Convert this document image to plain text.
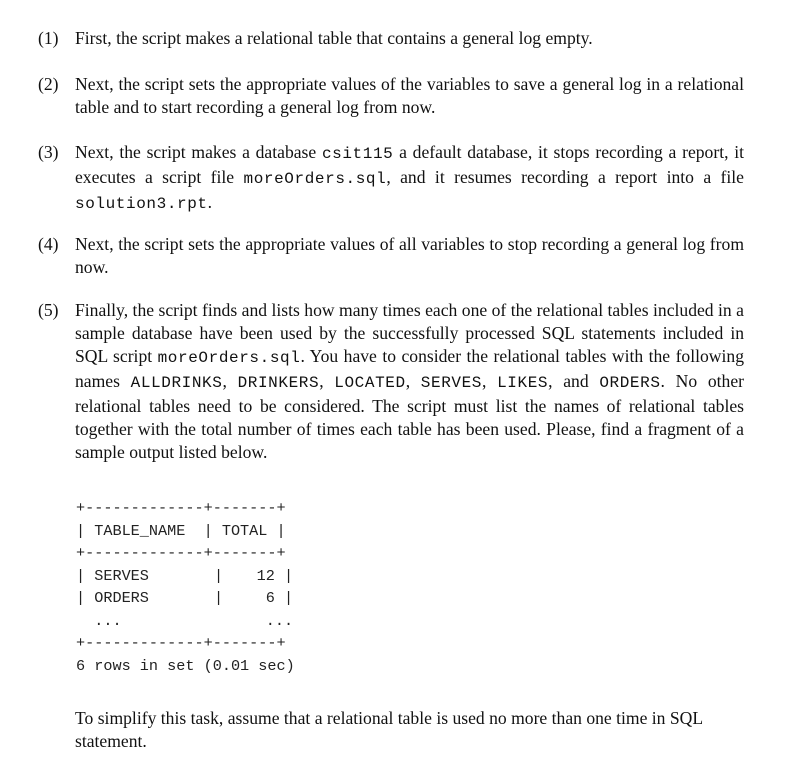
(1) First, the script makes a relational table that contains a general log empty.
(2) Next, the script sets the appropriate values of the variables to save a general log in a relational table and to start recording a general log from now.
(3) Next, the script makes a database csit115 a default database, it stops recording a report, it executes a script file moreOrders.sql, and it resumes recording a report into a file solution3.rpt.
(4) Next, the script sets the appropriate values of all variables to stop recording a general log from now.
(5) Finally, the script finds and lists how many times each one of the relational tables included in a sample database have been used by the successfully processed SQL statements included in SQL script moreOrders.sql. You have to consider the relational tables with the following names ALLDRINKS, DRINKERS, LOCATED, SERVES, LIKES, and ORDERS. No other relational tables need to be considered. The script must list the names of relational tables together with the total number of times each table has been used. Please, find a fragment of a sample output listed below.
+-------------+-------+
| TABLE_NAME  | TOTAL |
+-------------+-------+
| SERVES	| 12 |
| ORDERS	|	6 |
...	...
+-------------+-------+
6 rows in set (0.01 sec)
To simplify this task, assume that a relational table is used no more than one time in SQL statement.
